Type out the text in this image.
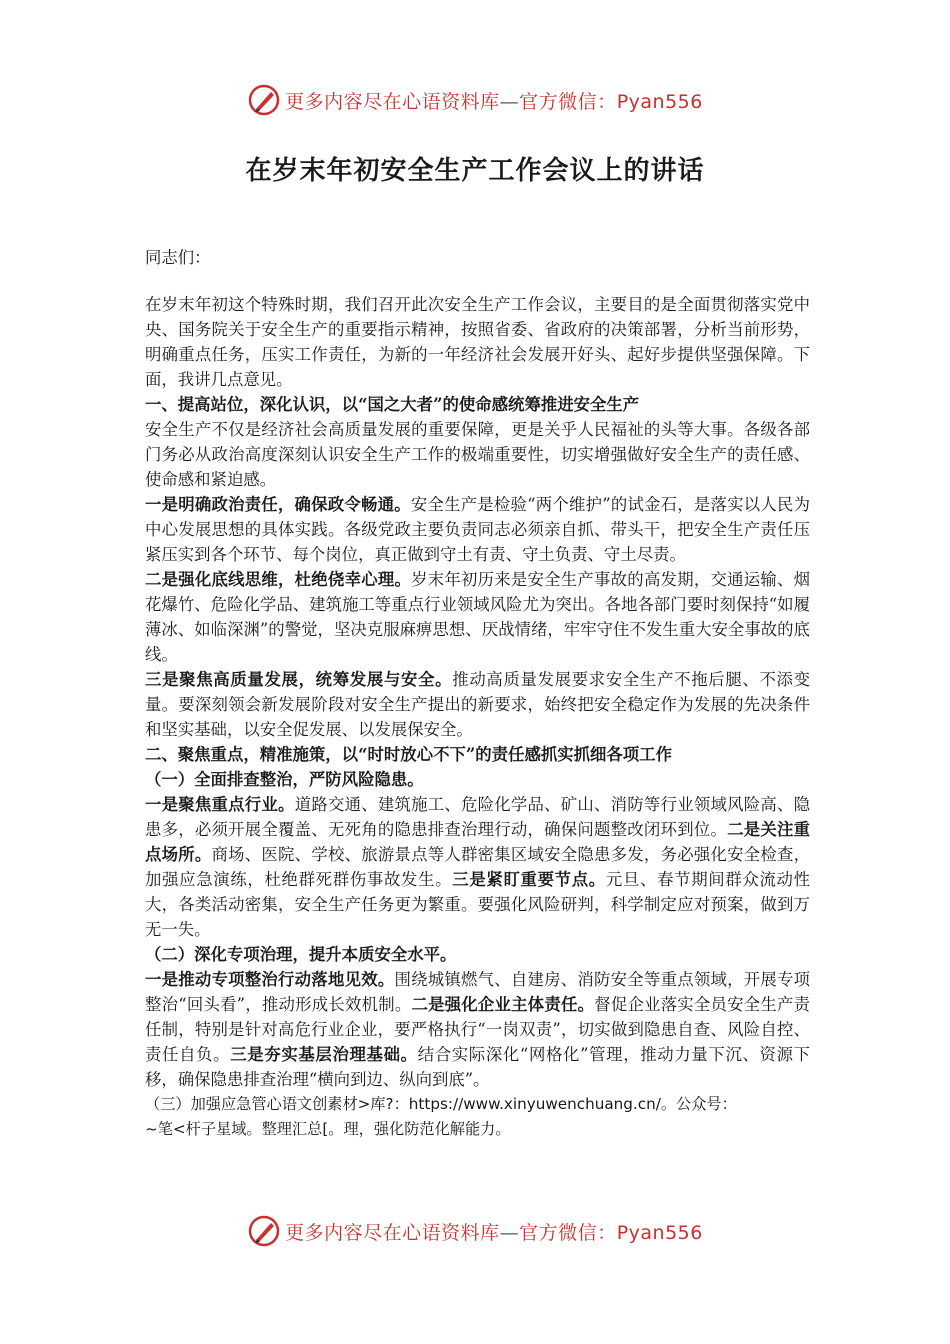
更多内容尽在心语资料库—官方微信：Pyan556
在岁末年初安全生产工作会议上的讲话
同志们：

在岁末年初这个特殊时期，我们召开此次安全生产工作会议，主要目的是全面贯彻落实党中央、国务院关于安全生产的重要指示精神，按照省委、省政府的决策部署，分析当前形势，明确重点任务，压实工作责任，为新的一年经济社会发展开好头、起好步提供坚强保障。下面，我讲几点意见。

一、提高站位，深化认识，以“国之大者”的使命感统筹推进安全生产

安全生产不仅是经济社会高质量发展的重要保障，更是关乎人民福祉的头等大事。各级各部门务必从政治高度深刻认识安全生产工作的极端重要性，切实增强做好安全生产的责任感、使命感和紧迫感。

一是明确政治责任，确保政令畅通。安全生产是检验“两个维护”的试金石，是落实以人民为中心发展思想的具体实践。各级党政主要负责同志必须亲自抓、带头干，把安全生产责任压紧压实到各个环节、每个岗位，真正做到守土有责、守土负责、守土尽责。

二是强化底线思维，杜绝侥幸心理。岁末年初历来是安全生产事故的高发期，交通运输、烟花爆竹、危险化学品、建筑施工等重点行业领域风险尤为突出。各地各部门要时刻保持“如履薄冰、如临深渊”的警觉，坚决克服麻痹思想、厌战情绪，牢牢守住不发生重大安全事故的底线。

三是聚焦高质量发展，统筹发展与安全。推动高质量发展要求安全生产不拖后腿、不添变量。要深刻领会新发展阶段对安全生产提出的新要求，始终把安全稳定作为发展的先决条件和坚实基础，以安全促发展、以发展保安全。

二、聚焦重点，精准施策，以“时时放心不下”的责任感抓实抓细各项工作

（一）全面排查整治，严防风险隐患。

一是聚焦重点行业。道路交通、建筑施工、危险化学品、矿山、消防等行业领域风险高、隐患多，必须开展全覆盖、无死角的隐患排查治理行动，确保问题整改闭环到位。二是关注重点场所。商场、医院、学校、旅游景点等人群密集区域安全隐患多发，务必强化安全检查，加强应急演练，杜绝群死群伤事故发生。三是紧盯重要节点。元旦、春节期间群众流动性大，各类活动密集，安全生产任务更为繁重。要强化风险研判，科学制定应对预案，做到万无一失。

（二）深化专项治理，提升本质安全水平。

一是推动专项整治行动落地见效。围绕城镇燃气、自建房、消防安全等重点领域，开展专项整治“回头看”，推动形成长效机制。二是强化企业主体责任。督促企业落实全员安全生产责任制，特别是针对高危行业企业，要严格执行“一岗双责”，切实做到隐患自查、风险自控、责任自负。三是夯实基层治理基础。结合实际深化“网格化”管理，推动力量下沉、资源下移，确保隐患排查治理“横向到边、纵向到底”。

（三）加强应急管心语文创素材>库?：https://www.xinyuwenchuang.cn/。公众号：

~笔<杆子星域。整理汇总[。理，强化防范化解能力。

更多内容尽在心语资料库—官方微信：Pyan556
